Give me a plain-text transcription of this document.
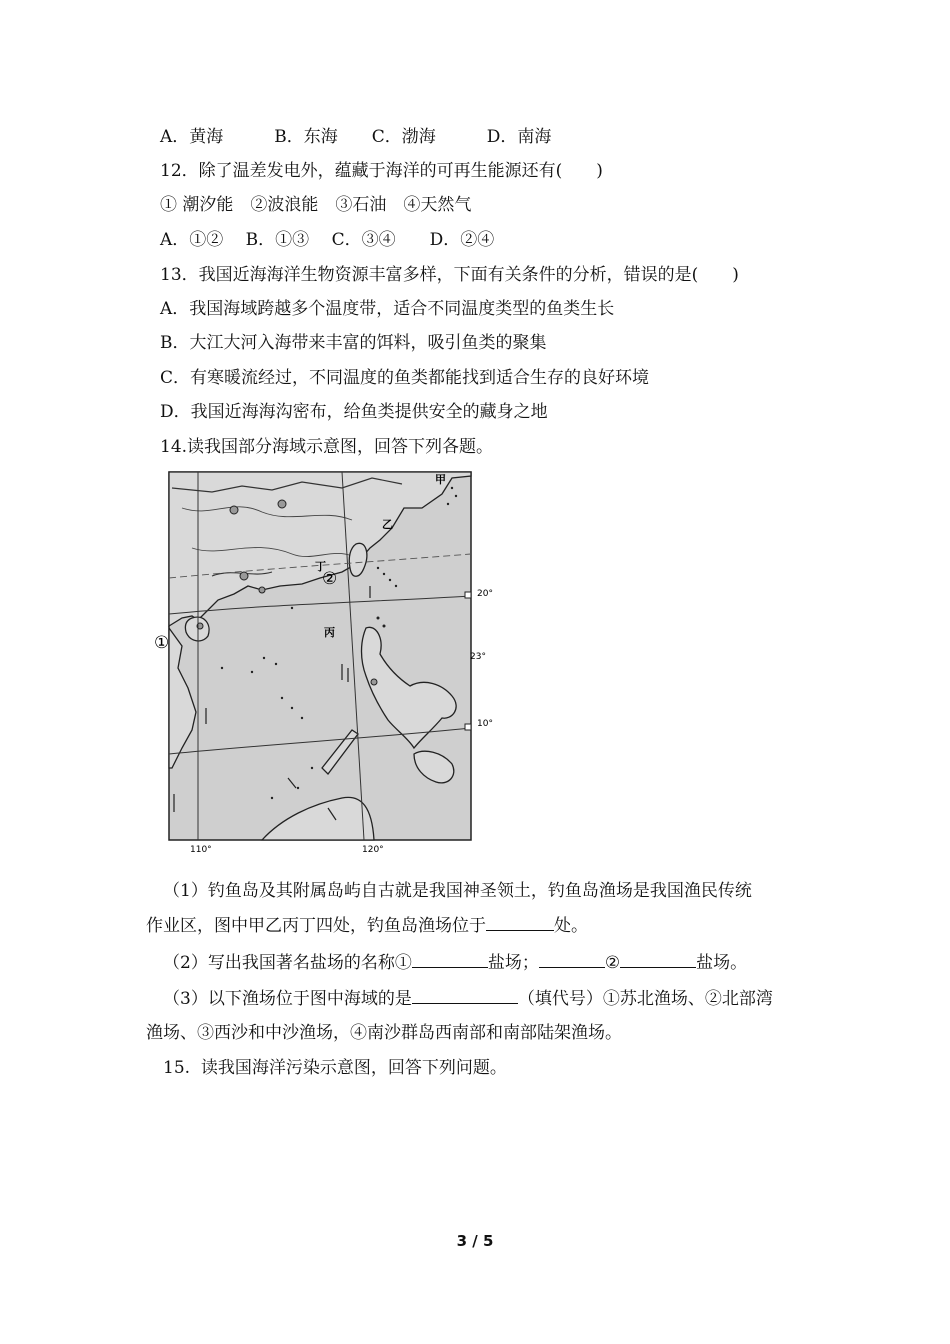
A．黄海　　　B．东海　　C．渤海　　　D．南海
12．除了温差发电外，蕴藏于海洋的可再生能源还有(　　)
① 潮汐能　②波浪能　③石油　④天然气
A．①②　 B．①③　 C．③④　　D．②④
13．我国近海海洋生物资源丰富多样，下面有关条件的分析，错误的是(　　)
A．我国海域跨越多个温度带，适合不同温度类型的鱼类生长
B．大江大河入海带来丰富的饵料，吸引鱼类的聚集
C．有寒暖流经过，不同温度的鱼类都能找到适合生存的良好环境
D．我国近海海沟密布，给鱼类提供安全的藏身之地
14.读我国部分海域示意图，回答下列各题。
甲
乙
丙
丁
②
①
20°
23°
10°
110°	120°
（1）钓鱼岛及其附属岛屿自古就是我国神圣领土，钓鱼岛渔场是我国渔民传统
作业区，图中甲乙丙丁四处，钓鱼岛渔场位于	处。
（2）写出我国著名盐场的名称①	盐场；	②	盐场。
（3）以下渔场位于图中海域的是	（填代号）①苏北渔场、②北部湾
渔场、③西沙和中沙渔场，④南沙群岛西南部和南部陆架渔场。
15.  读我国海洋污染示意图，回答下列问题。
3 / 5
